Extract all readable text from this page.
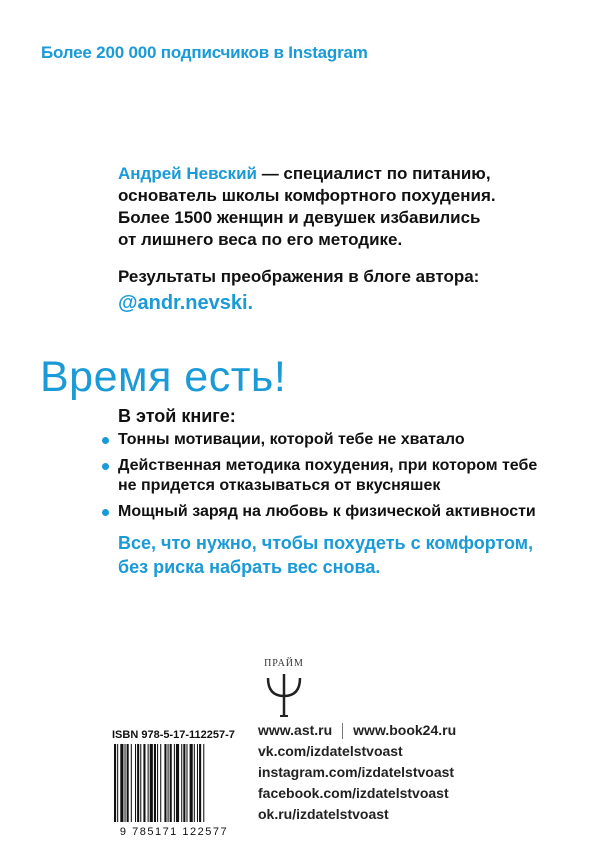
Более 200 000 подписчиков в Instagram
Андрей Невский — специалист по питанию,
основатель школы комфортного похудения.
Более 1500 женщин и девушек избавились
от лишнего веса по его методике.
Результаты преображения в блоге автора:
@andr.nevski.
Время есть!
В этой книге:
Тонны мотивации, которой тебе не хватало
Действенная методика похудения, при котором тебе не придется отказываться от вкусняшек
Мощный заряд на любовь к физической активности
Все, что нужно, чтобы похудеть с комфортом,
без риска набрать вес снова.
ПРАЙМ
ISBN 978-5-17-112257-7
9 785171 122577
www.ast.ru www.book24.ru
vk.com/izdatelstvoast
instagram.com/izdatelstvoast
facebook.com/izdatelstvoast
ok.ru/izdatelstvoast
